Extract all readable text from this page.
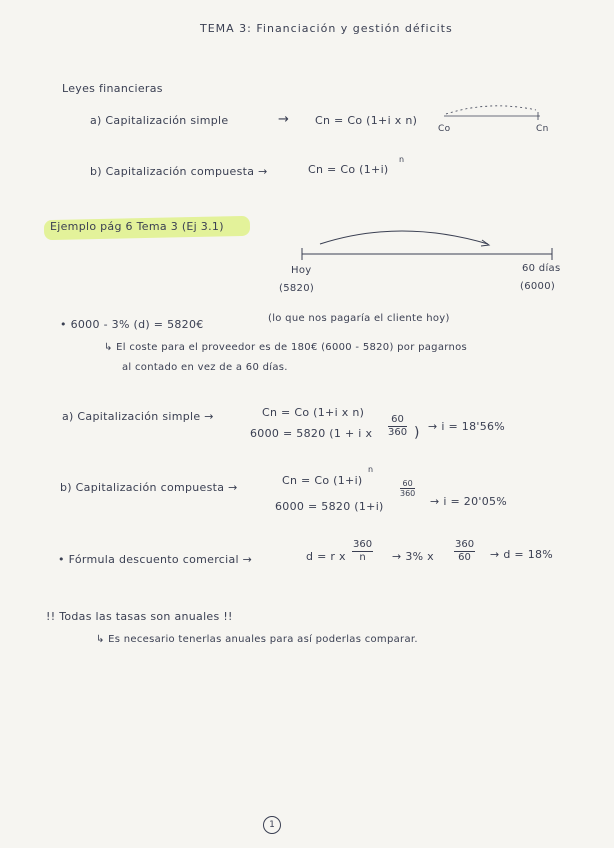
TEMA 3: Financiación y gestión déficits
Leyes financieras
a) Capitalización simple	→ Cn = Co (1+i x n)
Co	Cn
b) Capitalización compuesta →	Cn = Co (1+i)
n
Ejemplo pág 6 Tema 3 (Ej 3.1)
Hoy
(5820)
60 días
(6000)
• 6000 - 3% (d) = 5820€	(lo que nos pagaría el cliente hoy)
↳ El coste para el proveedor es de 180€ (6000 - 5820) por pagarnos
al contado en vez de a 60 días.
a) Capitalización simple →	Cn = Co (1+i x n)
6000 = 5820 (1 + i x $\frac{60}{360}$ ) → i = 18'56%
b) Capitalización compuesta →
Cn = Co (1+i)
n
6000 = 5820 (1+i)
$\frac{60}{360}$
→ i = 20'05%
• Fórmula descuento comercial →	d = r x $\frac{360}{n} \to 3\%$ x $\frac{360}{60} \to d = 18\%$
!! Todas las tasas son anuales !!
↳ Es necesario tenerlas anuales para así poderlas comparar.
1
